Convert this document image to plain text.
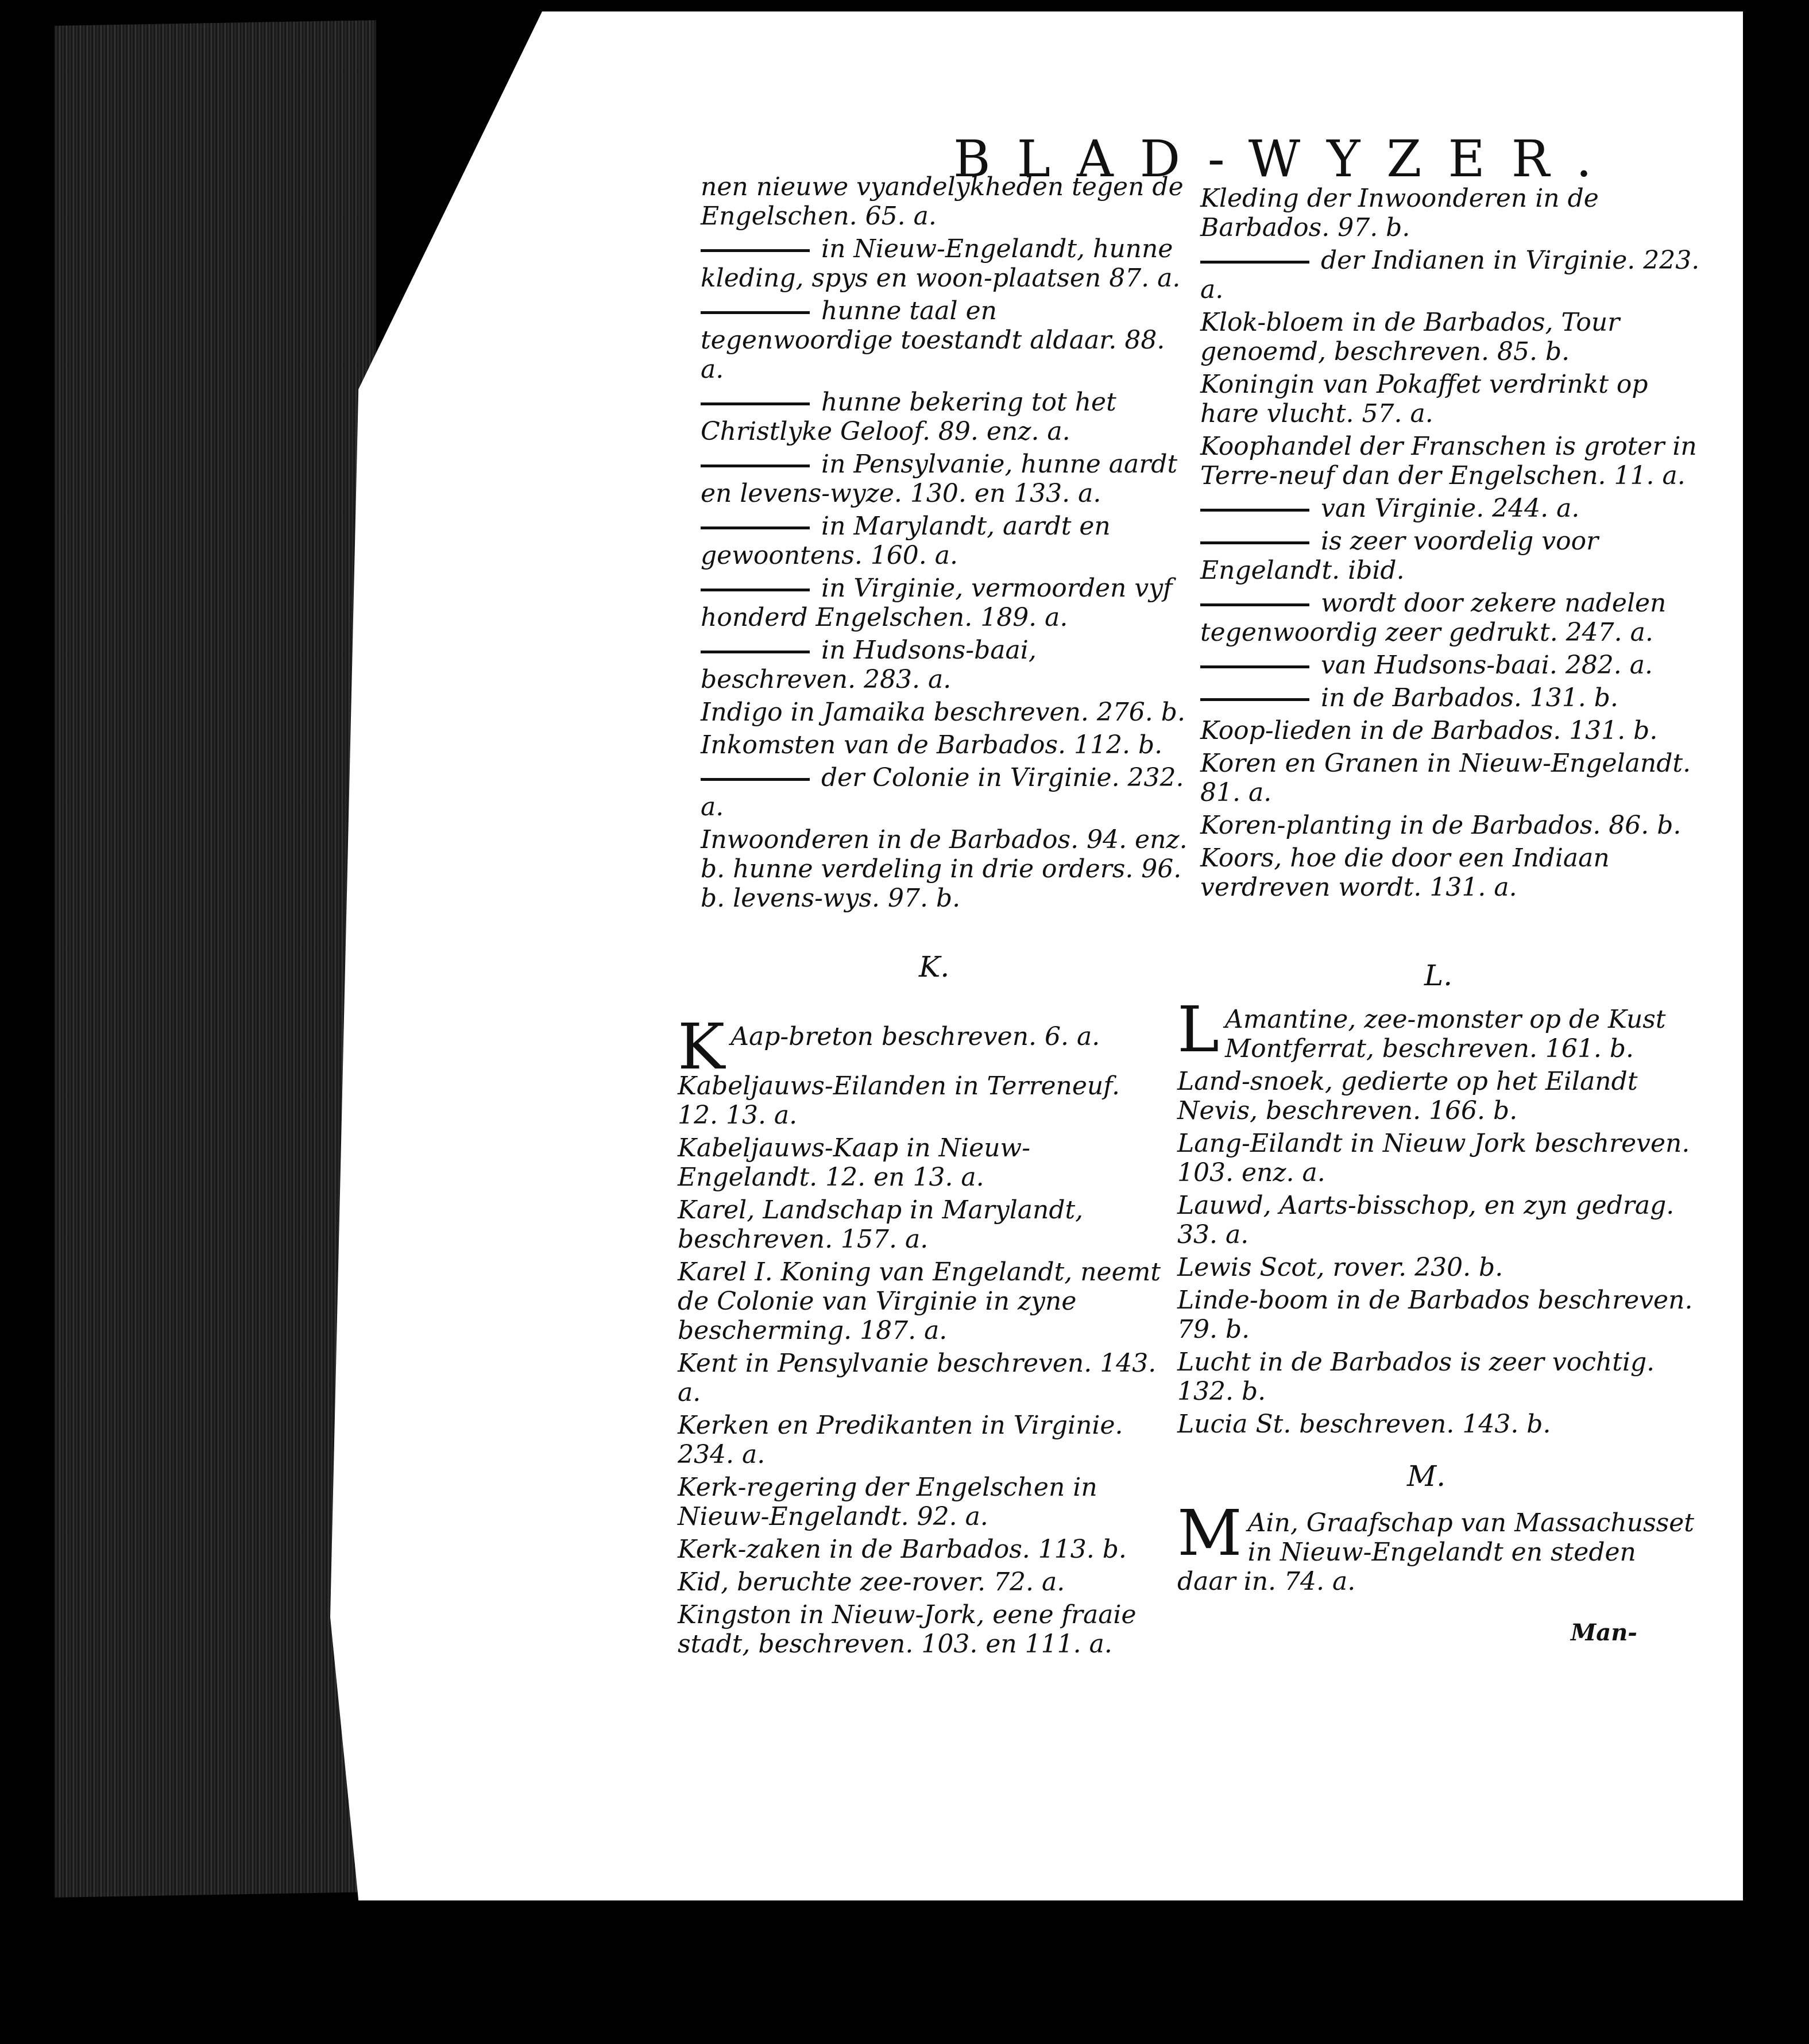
BLAD-WYZER.
nen nieuwe vyandelykheden tegen de Engelschen. 65. a.
in Nieuw-Engelandt, hunne kleding, spys en woon-plaatsen 87. a.
hunne taal en tegenwoordige toestandt aldaar. 88. a.
hunne bekering tot het Christlyke Geloof. 89. enz. a.
in Pensylvanie, hunne aardt en levens-wyze. 130. en 133. a.
in Marylandt, aardt en gewoontens. 160. a.
in Virginie, vermoorden vyf honderd Engelschen. 189. a.
in Hudsons-baai, beschreven. 283. a.
Indigo in Jamaika beschreven. 276. b.
Inkomsten van de Barbados. 112. b.
der Colonie in Virginie. 232. a.
Inwoonderen in de Barbados. 94. enz. b. hunne verdeling in drie orders. 96. b. levens-wys. 97. b.
Kleding der Inwoonderen in de Barbados. 97. b.
der Indianen in Virginie. 223. a.
Klok-bloem in de Barbados, Tour genoemd, beschreven. 85. b.
Koningin van Pokaffet verdrinkt op hare vlucht. 57. a.
Koophandel der Franschen is groter in Terre-neuf dan der Engelschen. 11. a.
van Virginie. 244. a.
is zeer voordelig voor Engelandt. ibid.
wordt door zekere nadelen tegenwoordig zeer gedrukt. 247. a.
van Hudsons-baai. 282. a.
in de Barbados. 131. b.
Koop-lieden in de Barbados. 131. b.
Koren en Granen in Nieuw-Engelandt. 81. a.
Koren-planting in de Barbados. 86. b.
Koors, hoe die door een Indiaan verdreven wordt. 131. a.
K.	L.
K Aap-breton beschreven. 6. a.
Kabeljauws-Eilanden in Terreneuf. 12. 13. a.
Kabeljauws-Kaap in Nieuw-Engelandt. 12. en 13. a.
Karel, Landschap in Marylandt, beschreven. 157. a.
Karel I. Koning van Engelandt, neemt de Colonie van Virginie in zyne bescherming. 187. a.
Kent in Pensylvanie beschreven. 143. a.
Kerken en Predikanten in Virginie. 234. a.
Kerk-regering der Engelschen in Nieuw-Engelandt. 92. a.
Kerk-zaken in de Barbados. 113. b.
Kid, beruchte zee-rover. 72. a.
Kingston in Nieuw-Jork, eene fraaie stadt, beschreven. 103. en 111. a.
L Amantine, zee-monster op de Kust Montferrat, beschreven. 161. b.
Land-snoek, gedierte op het Eilandt Nevis, beschreven. 166. b.
Lang-Eilandt in Nieuw Jork beschreven. 103. enz. a.
Lauwd, Aarts-bisschop, en zyn gedrag. 33. a.
Lewis Scot, rover. 230. b.
Linde-boom in de Barbados beschreven. 79. b.
Lucht in de Barbados is zeer vochtig. 132. b.
Lucia St. beschreven. 143. b.
M.
M Ain, Graafschap van Massachusset in Nieuw-Engelandt en steden daar in. 74. a.
Man-
